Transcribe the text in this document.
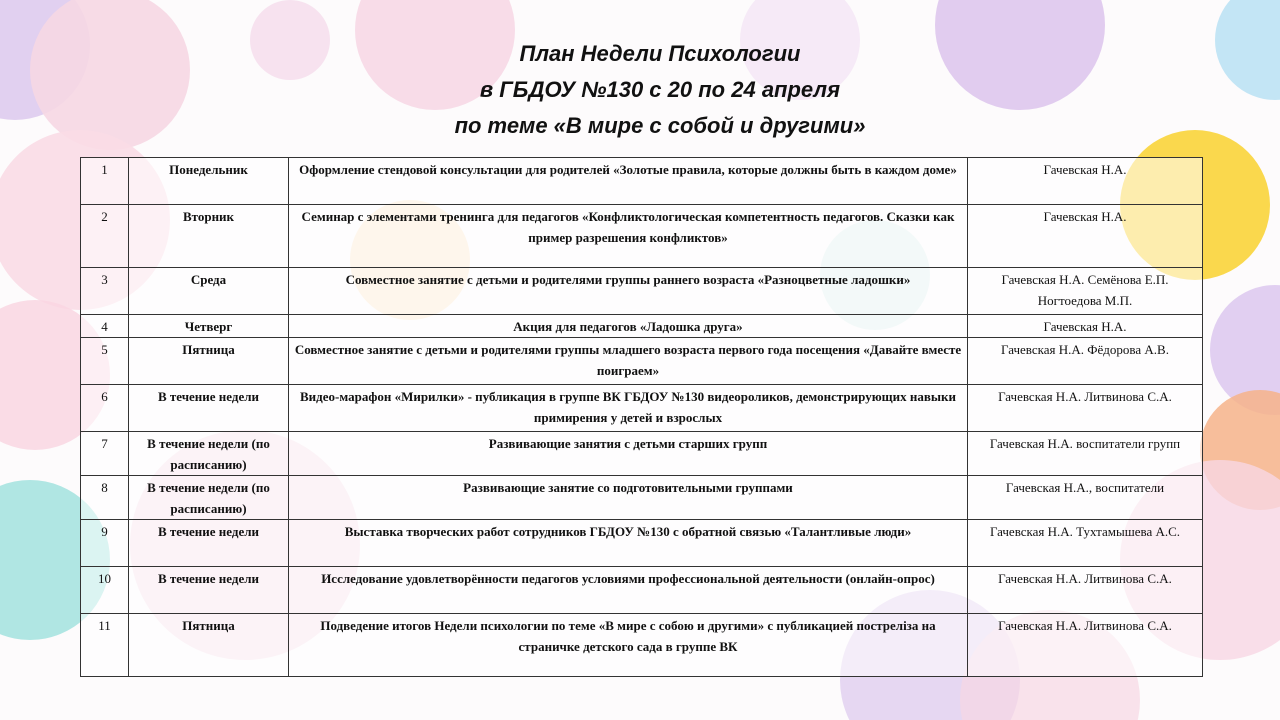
План Недели Психологии
в ГБДОУ №130 с 20 по 24 апреля
по теме «В мире с собой и другими»
1	Понедельник	Оформление стендовой консультации для родителей «Золотые правила, которые должны быть в каждом доме»	Гачевская Н.А.
2	Вторник	Семинар с элементами тренинга для педагогов «Конфликтологическая компетентность педагогов. Сказки как пример разрешения конфликтов»	Гачевская Н.А.
3	Среда	Совместное занятие с детьми и родителями группы раннего возраста «Разноцветные ладошки»	Гачевская Н.А. Семёнова Е.П. Ногтоедова М.П.
4	Четверг	Акция для педагогов «Ладошка друга»	Гачевская Н.А.
5	Пятница	Совместное занятие с детьми и родителями группы младшего возраста первого года посещения «Давайте вместе поиграем»	Гачевская Н.А. Фёдорова А.В.
6	В течение недели	Видео-марафон «Мирилки» - публикация в группе ВК ГБДОУ №130 видеороликов, демонстрирующих навыки примирения у детей и взрослых	Гачевская Н.А. Литвинова С.А.
7	В течение недели (по расписанию)	Развивающие занятия с детьми старших групп	Гачевская Н.А. воспитатели групп
8	В течение недели (по расписанию)	Развивающие занятие со подготовительными группами	Гачевская Н.А., воспитатели
9	В течение недели	Выставка творческих работ сотрудников ГБДОУ №130 с обратной связью «Талантливые люди»	Гачевская Н.А. Тухтамышева А.С.
10	В течение недели	Исследование удовлетворённости педагогов условиями профессиональной деятельности (онлайн-опрос)	Гачевская Н.А. Литвинова С.А.
11	Пятница	Подведение итогов Недели психологии по теме «В мире с собою и другими» с публикацией постреліза на страничке детского сада в группе ВК	Гачевская Н.А. Литвинова С.А.
